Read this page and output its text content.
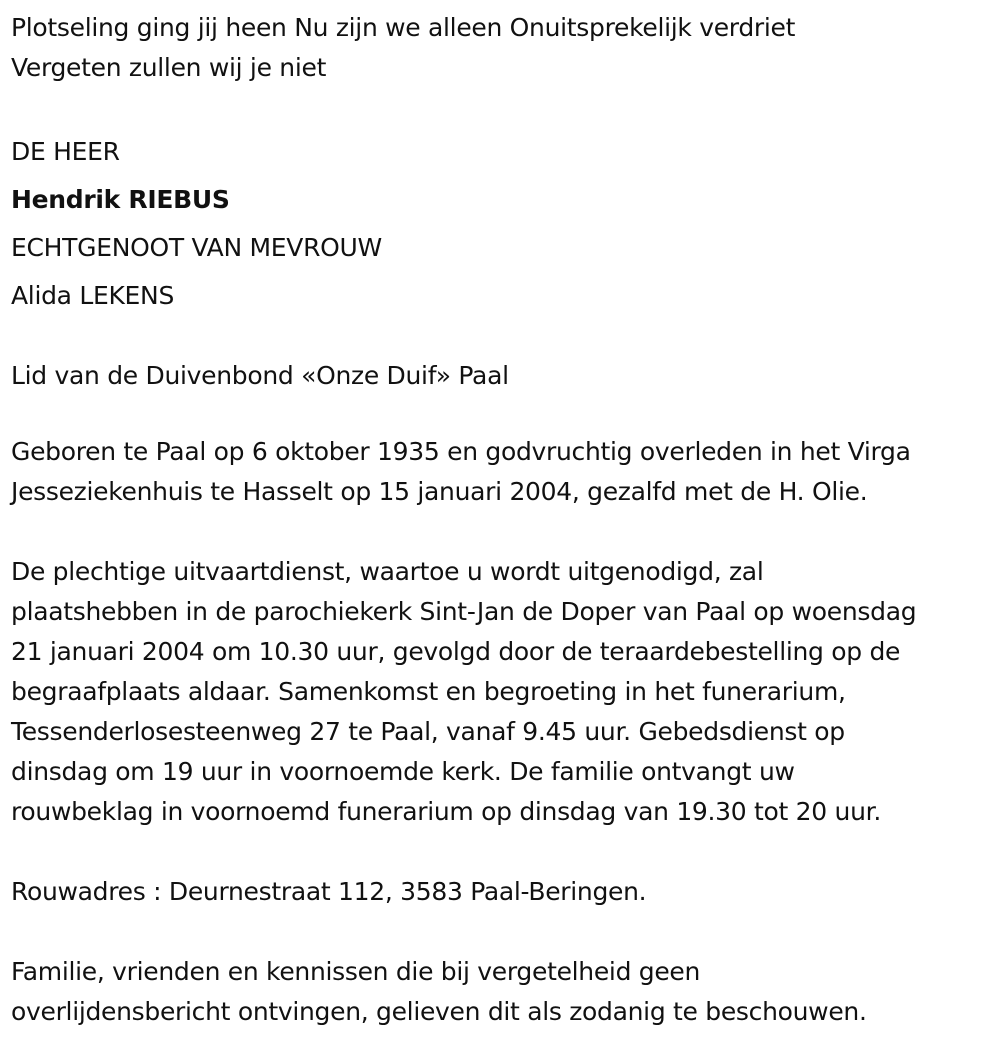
Plotseling ging jij heen Nu zijn we alleen Onuitsprekelijk verdriet

Vergeten zullen wij je niet

DE HEER

Hendrik RIEBUS

ECHTGENOOT VAN MEVROUW

Alida LEKENS

Lid van de Duivenbond «Onze Duif» Paal

Geboren te Paal op 6 oktober 1935 en godvruchtig overleden in het Virga

Jesseziekenhuis te Hasselt op 15 januari 2004, gezalfd met de H. Olie.

De plechtige uitvaartdienst, waartoe u wordt uitgenodigd, zal

plaatshebben in de parochiekerk Sint-Jan de Doper van Paal op woensdag

21 januari 2004 om 10.30 uur, gevolgd door de teraardebestelling op de

begraafplaats aldaar. Samenkomst en begroeting in het funerarium,

Tessenderlosesteenweg 27 te Paal, vanaf 9.45 uur. Gebedsdienst op

dinsdag om 19 uur in voornoemde kerk. De familie ontvangt uw

rouwbeklag in voornoemd funerarium op dinsdag van 19.30 tot 20 uur.

Rouwadres : Deurnestraat 112, 3583 Paal-Beringen.

Familie, vrienden en kennissen die bij vergetelheid geen

overlijdensbericht ontvingen, gelieven dit als zodanig te beschouwen.
